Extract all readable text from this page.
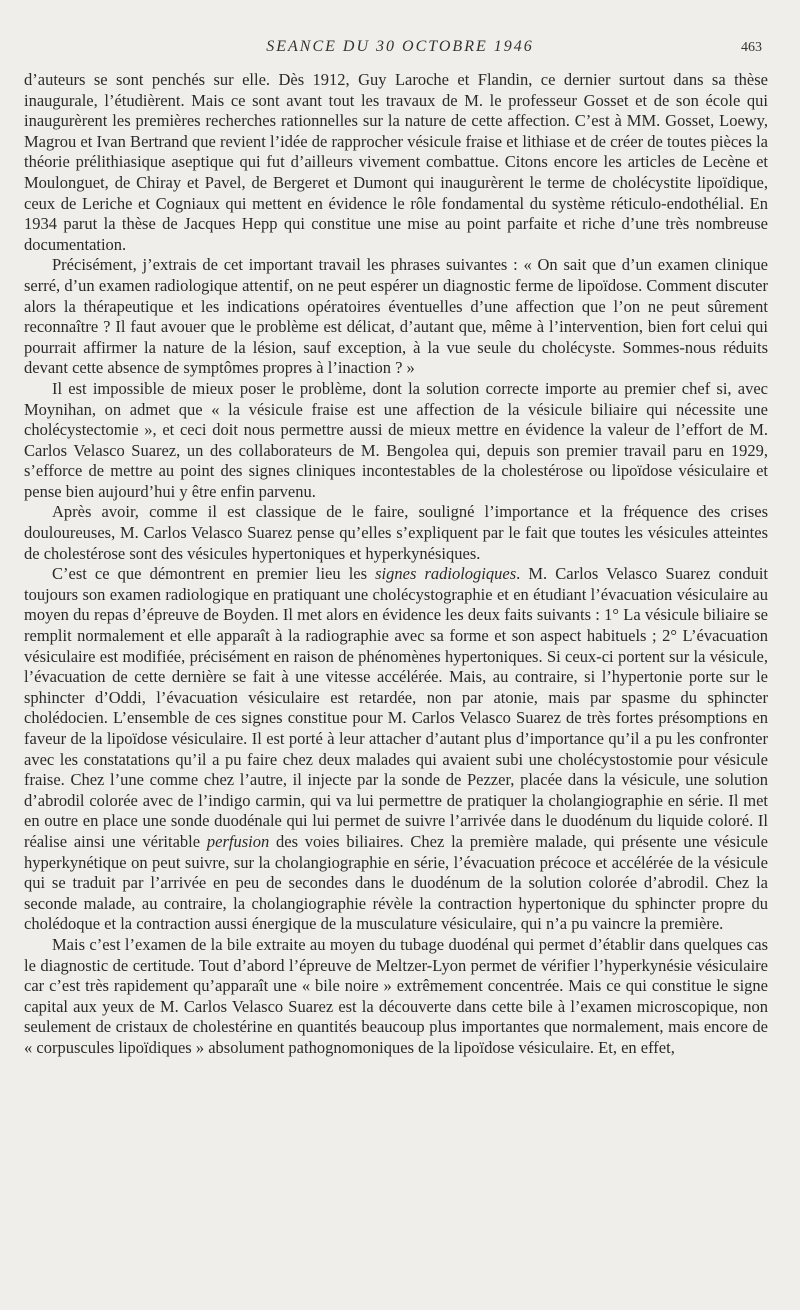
SEANCE DU 30 OCTOBRE 1946	463

d’auteurs se sont penchés sur elle. Dès 1912, Guy Laroche et Flandin, ce dernier surtout dans sa thèse inaugurale, l’étudièrent. Mais ce sont avant tout les travaux de M. le professeur Gosset et de son école qui inaugurèrent les premières recherches rationnelles sur la nature de cette affection. C’est à MM. Gosset, Loewy, Magrou et Ivan Bertrand que revient l’idée de rapprocher vésicule fraise et lithiase et de créer de toutes pièces la théorie prélithiasique aseptique qui fut d’ailleurs vivement combattue. Citons encore les articles de Lecène et Moulonguet, de Chiray et Pavel, de Bergeret et Dumont qui inaugurèrent le terme de cholécystite lipoïdique, ceux de Leriche et Cogniaux qui mettent en évidence le rôle fondamental du système réticulo-endothélial. En 1934 parut la thèse de Jacques Hepp qui constitue une mise au point parfaite et riche d’une très nombreuse documentation.

Précisément, j’extrais de cet important travail les phrases suivantes : « On sait que d’un examen clinique serré, d’un examen radiologique attentif, on ne peut espérer un diagnostic ferme de lipoïdose. Comment discuter alors la thérapeutique et les indications opératoires éventuelles d’une affection que l’on ne peut sûrement reconnaître ? Il faut avouer que le problème est délicat, d’autant que, même à l’intervention, bien fort celui qui pourrait affirmer la nature de la lésion, sauf exception, à la vue seule du cholécyste. Sommes-nous réduits devant cette absence de symptômes propres à l’inaction ? »

Il est impossible de mieux poser le problème, dont la solution correcte importe au premier chef si, avec Moynihan, on admet que « la vésicule fraise est une affection de la vésicule biliaire qui nécessite une cholécystectomie », et ceci doit nous permettre aussi de mieux mettre en évidence la valeur de l’effort de M. Carlos Velasco Suarez, un des collaborateurs de M. Bengolea qui, depuis son premier travail paru en 1929, s’efforce de mettre au point des signes cliniques incontestables de la cholestérose ou lipoïdose vésiculaire et pense bien aujourd’hui y être enfin parvenu.

Après avoir, comme il est classique de le faire, souligné l’importance et la fréquence des crises douloureuses, M. Carlos Velasco Suarez pense qu’elles s’expliquent par le fait que toutes les vésicules atteintes de cholestérose sont des vésicules hypertoniques et hyperkynésiques.

C’est ce que démontrent en premier lieu les signes radiologiques. M. Carlos Velasco Suarez conduit toujours son examen radiologique en pratiquant une cholécystographie et en étudiant l’évacuation vésiculaire au moyen du repas d’épreuve de Boyden. Il met alors en évidence les deux faits suivants : 1° La vésicule biliaire se remplit normalement et elle apparaît à la radiographie avec sa forme et son aspect habituels ; 2° L’évacuation vésiculaire est modifiée, précisément en raison de phénomènes hypertoniques. Si ceux-ci portent sur la vésicule, l’évacuation de cette dernière se fait à une vitesse accélérée. Mais, au contraire, si l’hypertonie porte sur le sphincter d’Oddi, l’évacuation vésiculaire est retardée, non par atonie, mais par spasme du sphincter cholédocien. L’ensemble de ces signes constitue pour M. Carlos Velasco Suarez de très fortes présomptions en faveur de la lipoïdose vésiculaire. Il est porté à leur attacher d’autant plus d’importance qu’il a pu les confronter avec les constatations qu’il a pu faire chez deux malades qui avaient subi une cholécystostomie pour vésicule fraise. Chez l’une comme chez l’autre, il injecte par la sonde de Pezzer, placée dans la vésicule, une solution d’abrodil colorée avec de l’indigo carmin, qui va lui permettre de pratiquer la cholangiographie en série. Il met en outre en place une sonde duodénale qui lui permet de suivre l’arrivée dans le duodénum du liquide coloré. Il réalise ainsi une véritable perfusion des voies biliaires. Chez la première malade, qui présente une vésicule hyperkynétique on peut suivre, sur la cholangiographie en série, l’évacuation précoce et accélérée de la vésicule qui se traduit par l’arrivée en peu de secondes dans le duodénum de la solution colorée d’abrodil. Chez la seconde malade, au contraire, la cholangiographie révèle la contraction hypertonique du sphincter propre du cholédoque et la contraction aussi énergique de la musculature vésiculaire, qui n’a pu vaincre la première.

Mais c’est l’examen de la bile extraite au moyen du tubage duodénal qui permet d’établir dans quelques cas le diagnostic de certitude. Tout d’abord l’épreuve de Meltzer-Lyon permet de vérifier l’hyperkynésie vésiculaire car c’est très rapidement qu’apparaît une « bile noire » extrêmement concentrée. Mais ce qui constitue le signe capital aux yeux de M. Carlos Velasco Suarez est la découverte dans cette bile à l’examen microscopique, non seulement de cristaux de cholestérine en quantités beaucoup plus importantes que normalement, mais encore de « corpuscules lipoïdiques » absolument pathognomoniques de la lipoïdose vésiculaire. Et, en effet,
